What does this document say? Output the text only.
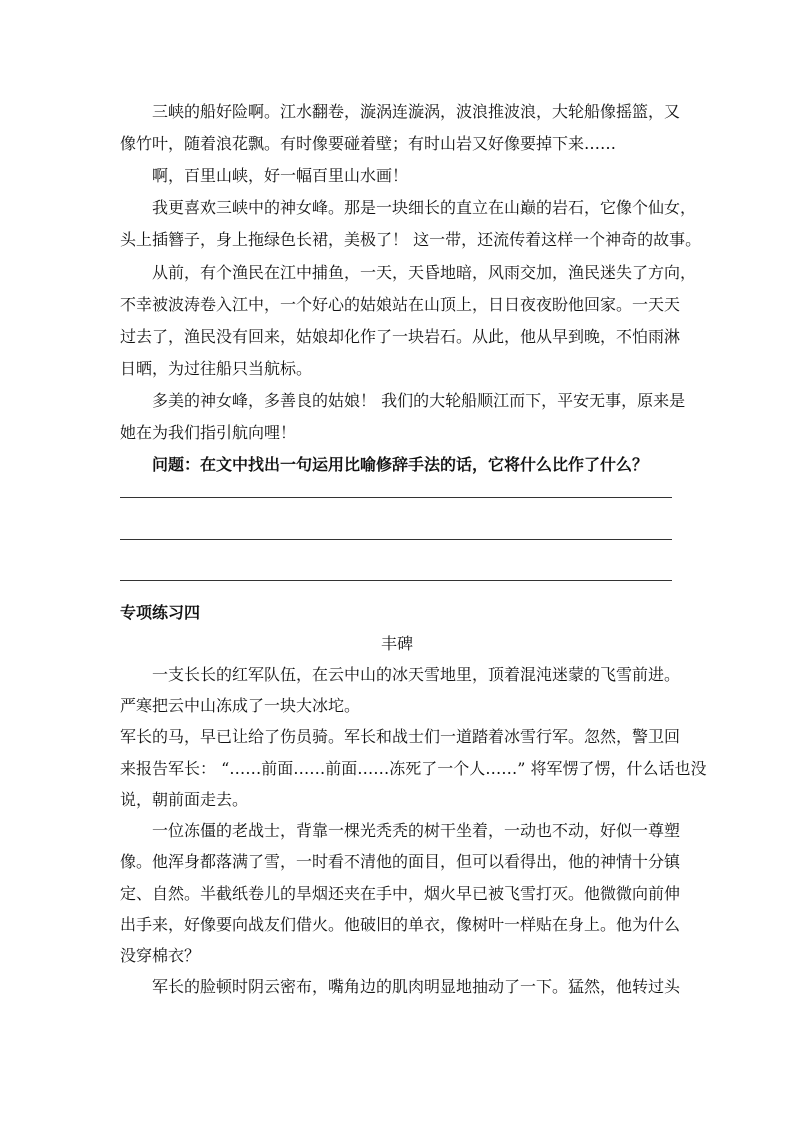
三峡的船好险啊。江水翻卷，漩涡连漩涡，波浪推波浪，大轮船像摇篮，又
像竹叶，随着浪花飘。有时像要碰着壁；有时山岩又好像要掉下来……
啊，百里山峡，好一幅百里山水画！
我更喜欢三峡中的神女峰。那是一块细长的直立在山巅的岩石，它像个仙女，
头上插簪子，身上拖绿色长裙，美极了！ 这一带，还流传着这样一个神奇的故事。
从前，有个渔民在江中捕鱼，一天，天昏地暗，风雨交加，渔民迷失了方向，
不幸被波涛卷入江中，一个好心的姑娘站在山顶上，日日夜夜盼他回家。一天天
过去了，渔民没有回来，姑娘却化作了一块岩石。从此，他从早到晚，不怕雨淋
日晒，为过往船只当航标。
多美的神女峰，多善良的姑娘！ 我们的大轮船顺江而下，平安无事，原来是
她在为我们指引航向哩！
问题：在文中找出一句运用比喻修辞手法的话，它将什么比作了什么？
专项练习四
丰碑
一支长长的红军队伍，在云中山的冰天雪地里，顶着混沌迷蒙的飞雪前进。
严寒把云中山冻成了一块大冰坨。
军长的马，早已让给了伤员骑。军长和战士们一道踏着冰雪行军。忽然，警卫回
来报告军长： “……前面……前面……冻死了一个人……” 将军愣了愣，什么话也没
说，朝前面走去。
一位冻僵的老战士，背靠一棵光秃秃的树干坐着，一动也不动，好似一尊塑
像。他浑身都落满了雪，一时看不清他的面目，但可以看得出，他的神情十分镇
定、自然。半截纸卷儿的旱烟还夹在手中，烟火早已被飞雪打灭。他微微向前伸
出手来，好像要向战友们借火。他破旧的单衣，像树叶一样贴在身上。他为什么
没穿棉衣？
军长的脸顿时阴云密布，嘴角边的肌肉明显地抽动了一下。猛然，他转过头
